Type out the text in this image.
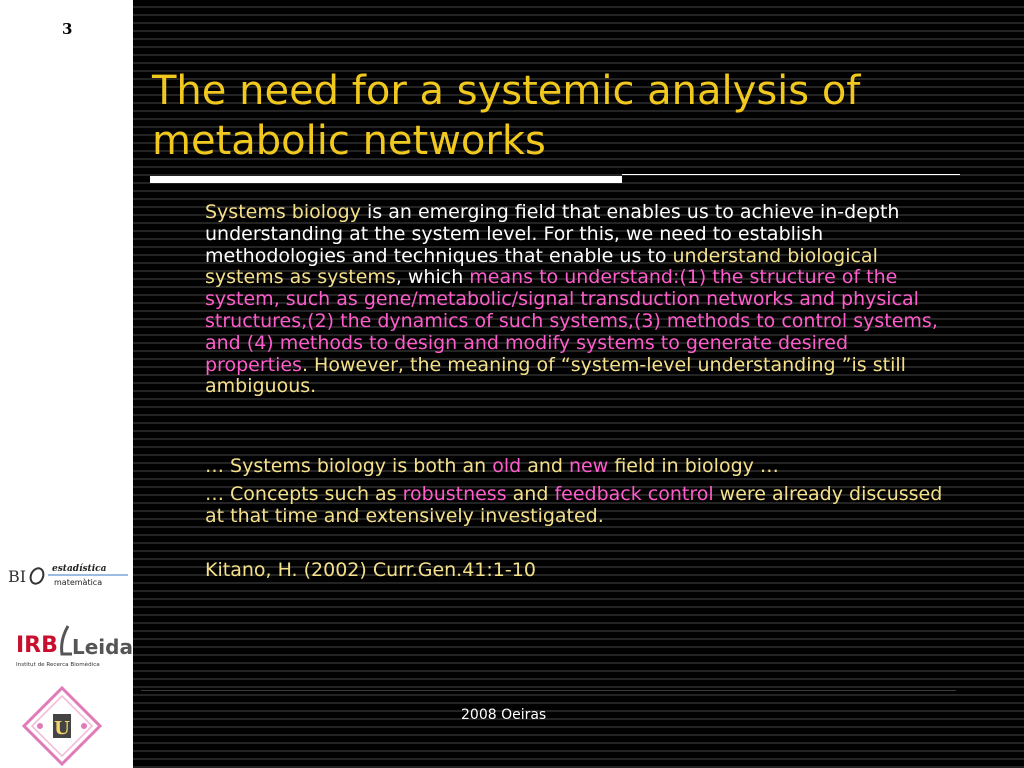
3
BI	estadística
matemàtica
IRB Leida
Institut de Recerca Biomèdica
U
The need for a systemic analysis of metabolic networks

Systems biology is an emerging field that enables us to achieve in-depth understanding at the system level. For this, we need to establish methodologies and techniques that enable us to understand biological systems as systems, which means to understand:(1) the structure of the system, such as gene/metabolic/signal transduction networks and physical structures,(2) the dynamics of such systems,(3) methods to control systems, and (4) methods to design and modify systems to generate desired properties. However, the meaning of “system-level understanding ”is still ambiguous.

… Systems biology is both an old and new field in biology …

… Concepts such as robustness and feedback control were already discussed at that time and extensively investigated.

Kitano, H. (2002) Curr.Gen.41:1-10

2008 Oeiras
